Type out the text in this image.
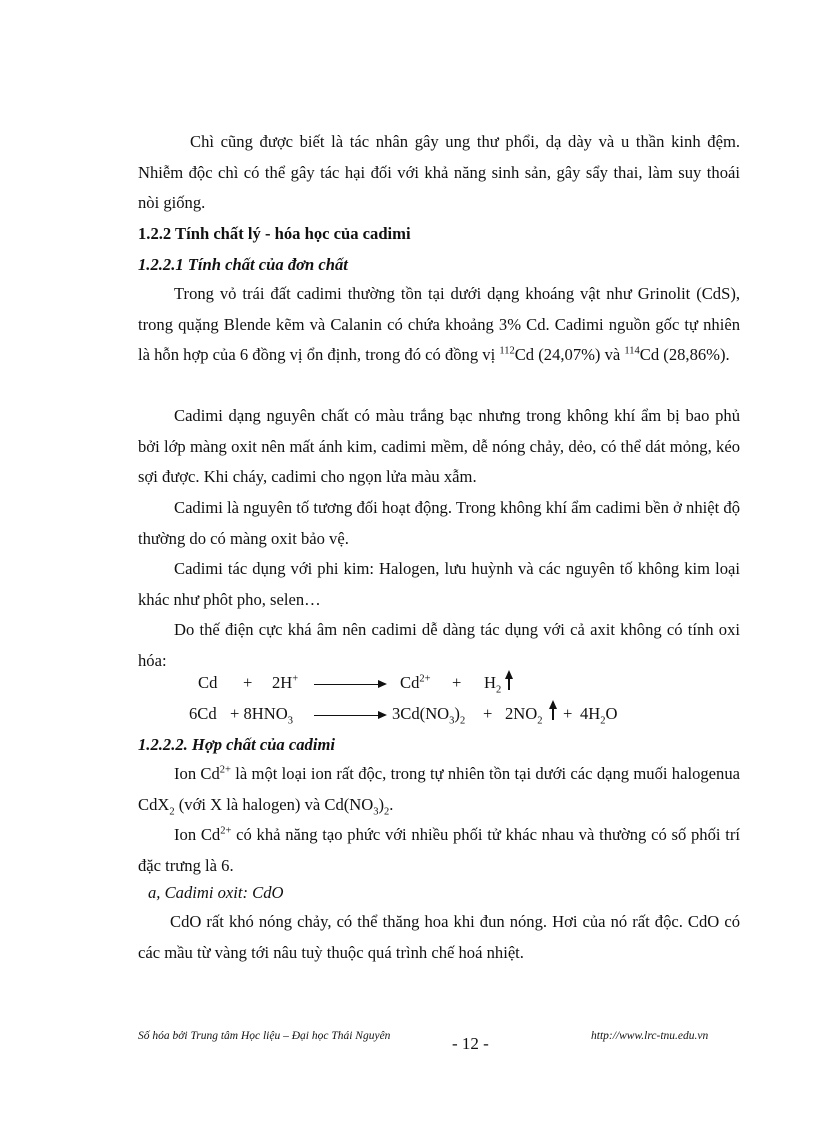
Chì cũng được biết là tác nhân gây ung thư phổi, dạ dày và u thần kinh đệm. Nhiễm độc chì có thể gây tác hại đối với khả năng sinh sản, gây sẩy thai, làm suy thoái nòi giống.

1.2.2 Tính chất lý - hóa học của cadimi

1.2.2.1 Tính chất của đơn chất

Trong vỏ trái đất cadimi thường tồn tại dưới dạng khoáng vật như Grinolit (CdS), trong quặng Blende kẽm và Calanin có chứa khoảng 3% Cd. Cadimi nguồn gốc tự nhiên là hỗn hợp của 6 đồng vị ổn định, trong đó có đồng vị $^{112}$Cd (24,07%) và $^{114}$Cd (28,86%).

Cadimi dạng nguyên chất có màu trắng bạc nhưng trong không khí ẩm bị bao phủ bởi lớp màng oxit nên mất ánh kim, cadimi mềm, dễ nóng chảy, dẻo, có thể dát mỏng, kéo sợi được. Khi cháy, cadimi cho ngọn lửa màu xẫm.

Cadimi là nguyên tố tương đối hoạt động. Trong không khí ẩm cadimi bền ở nhiệt độ thường do có màng oxit bảo vệ.

Cadimi tác dụng với phi kim: Halogen, lưu huỳnh và các nguyên tố không kim loại khác như phôt pho, selen…

Do thế điện cực khá âm nên cadimi dễ dàng tác dụng với cả axit không có tính oxi hóa:

Cd + 2H+	$Cd^{2+} + H_2$
$6Cd + 8HNO_3$	$3Cd(NO_3)_2 + 2NO_2 + 4H_2O$

1.2.2.2. Hợp chất của cadimi

Ion $Cd^{2+}$ là một loại ion rất độc, trong tự nhiên tồn tại dưới các dạng muối halogenua CdX$_2$ (với X là halogen) và $Cd(NO_3)_2$.

Ion $Cd^{2+}$ có khả năng tạo phức với nhiều phối tử khác nhau và thường có số phối trí đặc trưng là 6.

a, Cadimi oxit: CdO

CdO rất khó nóng chảy, có thể thăng hoa khi đun nóng. Hơi của nó rất độc. CdO có các mầu từ vàng tới nâu tuỳ thuộc quá trình chế hoá nhiệt.

Số hóa bởi Trung tâm Học liệu – Đại học Thái Nguyên	- 12 -	http://www.lrc-tnu.edu.vn
